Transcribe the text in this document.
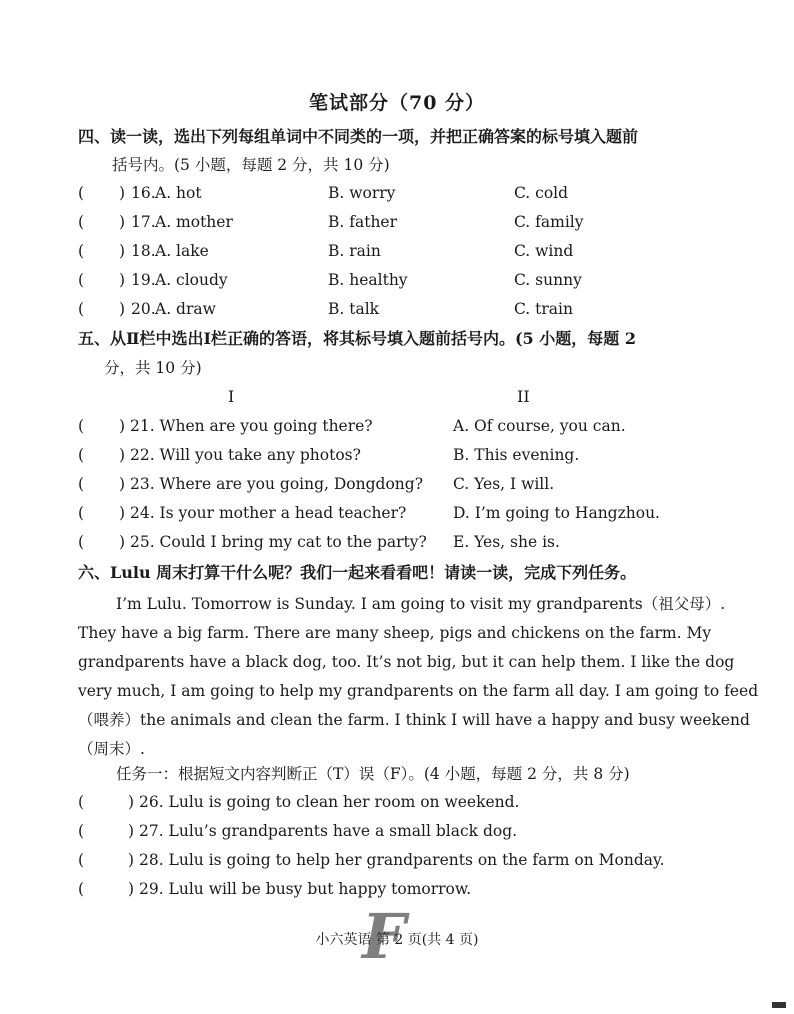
笔试部分（70 分）
四、读一读，选出下列每组单词中不同类的一项，并把正确答案的标号填入题前
括号内。(5 小题，每题 2 分，共 10 分)
( ) 16. A. hot	B. worry	C. cold
( ) 17. A. mother	B. father	C. family
( ) 18. A. lake	B. rain	C. wind
( ) 19. A. cloudy	B. healthy	C. sunny
( ) 20. A. draw	B. talk	C. train
五、从Ⅱ栏中选出Ⅰ栏正确的答语，将其标号填入题前括号内。(5 小题，每题 2
分，共 10 分)
I	II
( ) 21. When are you going there?	A. Of course, you can.
( ) 22. Will you take any photos?	B. This evening.
( ) 23. Where are you going, Dongdong? C. Yes, I will.
( ) 24. Is your mother a head teacher?	D. I’m going to Hangzhou.
( ) 25. Could I bring my cat to the party? E. Yes, she is.
六、Lulu 周末打算干什么呢？我们一起来看看吧！请读一读，完成下列任务。
I’m Lulu. Tomorrow is Sunday. I am going to visit my grandparents（祖父母）.
They have a big farm. There are many sheep, pigs and chickens on the farm. My
grandparents have a black dog, too. It’s not big, but it can help them. I like the dog
very much, I am going to help my grandparents on the farm all day. I am going to feed
（喂养）the animals and clean the farm. I think I will have a happy and busy weekend
（周末）.
任务一：根据短文内容判断正（T）误（F）。(4 小题，每题 2 分，共 8 分)
(	) 26. Lulu is going to clean her room on weekend.
(	) 27. Lulu’s grandparents have a small black dog.
(	) 28. Lulu is going to help her grandparents on the farm on Monday.
(	) 29. Lulu will be busy but happy tomorrow.
F
小六英语 第 2 页(共 4 页)
